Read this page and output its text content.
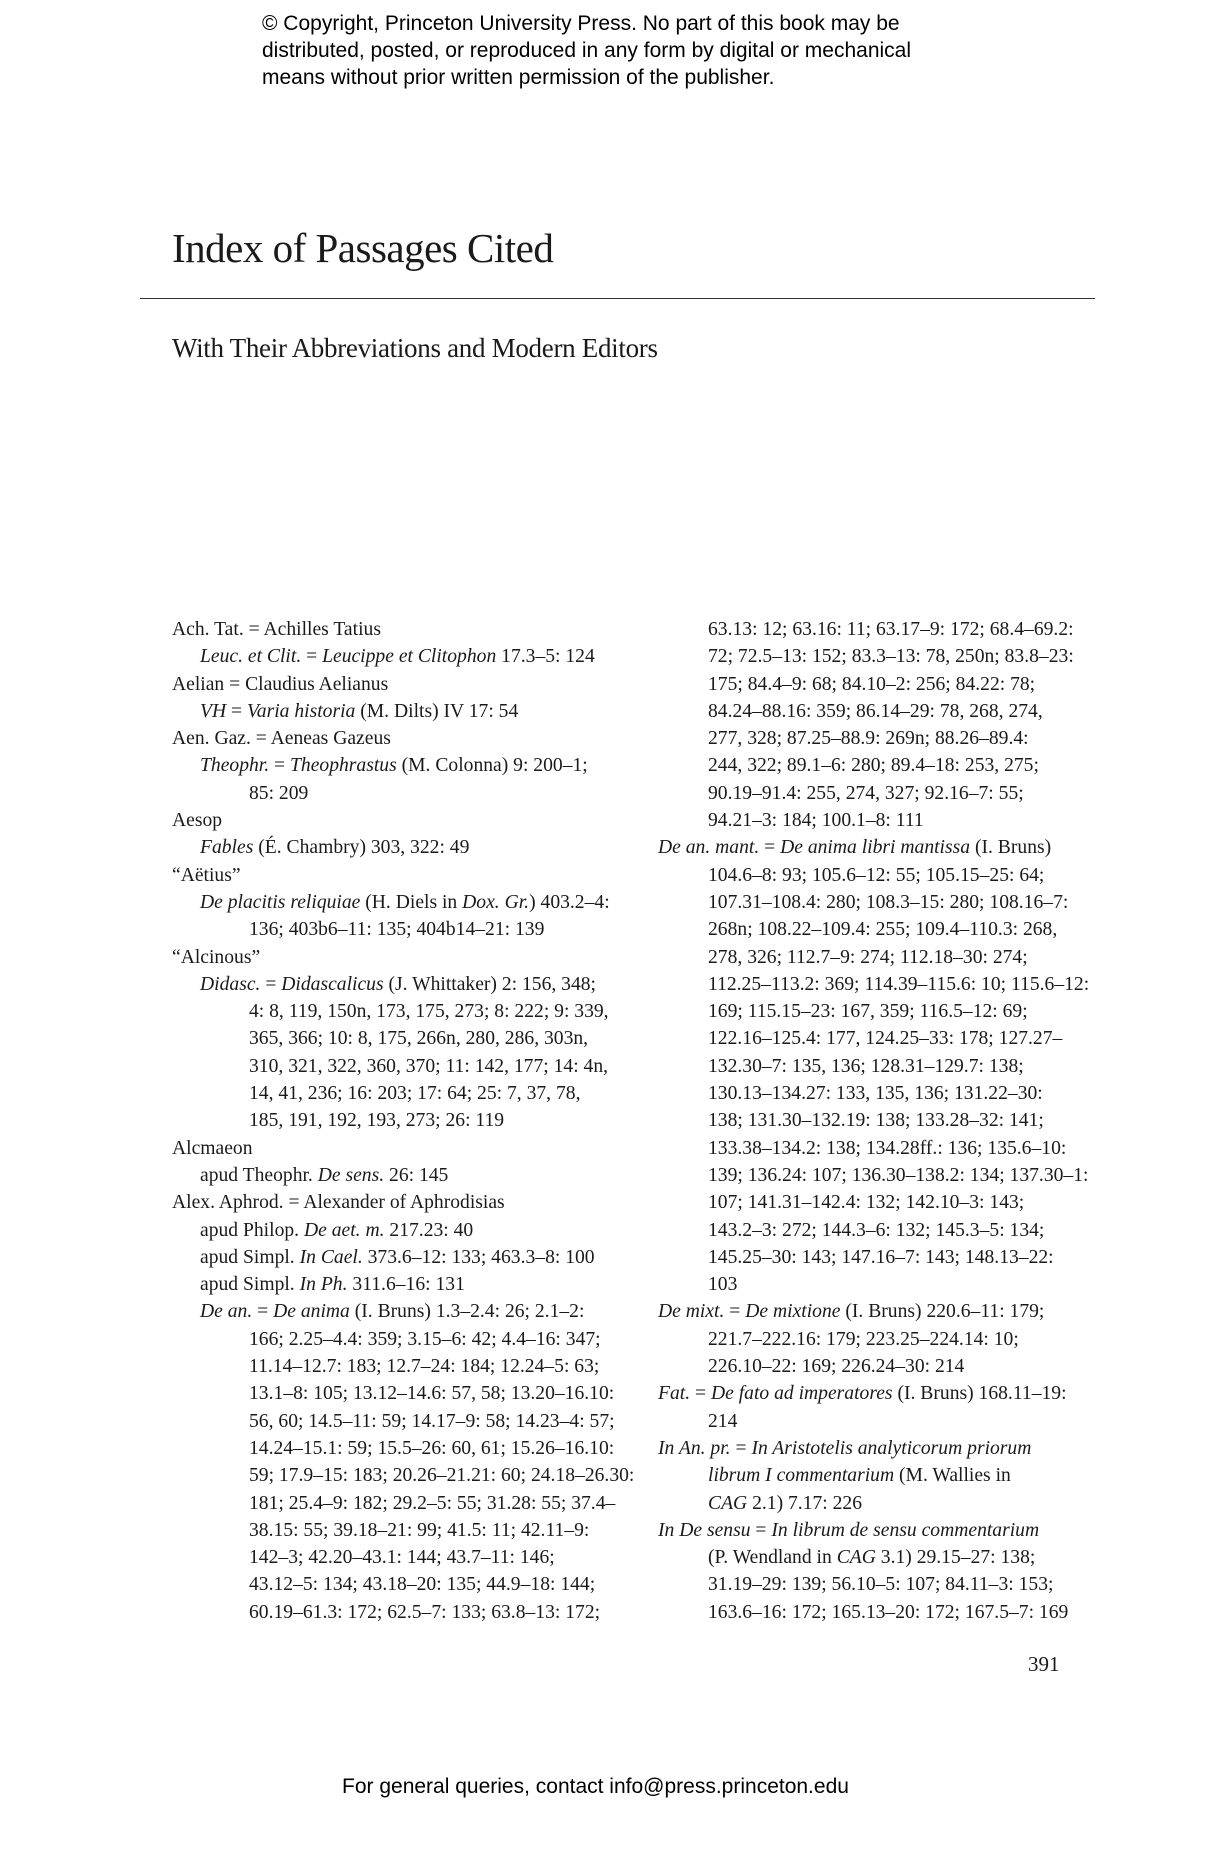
© Copyright, Princeton University Press. No part of this book may be
distributed, posted, or reproduced in any form by digital or mechanical
means without prior written permission of the publisher.
Index of Passages Cited
With Their Abbreviations and Modern Editors
Ach. Tat. = Achilles Tatius
Leuc. et Clit. = Leucippe et Clitophon 17.3–5: 124
Aelian = Claudius Aelianus
VH = Varia historia (M. Dilts) IV 17: 54
Aen. Gaz. = Aeneas Gazeus
Theophr. = Theophrastus (M. Colonna) 9: 200–1;
85: 209
Aesop
Fables (É. Chambry) 303, 322: 49
“Aëtius”
De placitis reliquiae (H. Diels in Dox. Gr.) 403.2–4:
136; 403b6–11: 135; 404b14–21: 139
“Alcinous”
Didasc. = Didascalicus (J. Whittaker) 2: 156, 348;
4: 8, 119, 150n, 173, 175, 273; 8: 222; 9: 339,
365, 366; 10: 8, 175, 266n, 280, 286, 303n,
310, 321, 322, 360, 370; 11: 142, 177; 14: 4n,
14, 41, 236; 16: 203; 17: 64; 25: 7, 37, 78,
185, 191, 192, 193, 273; 26: 119
Alcmaeon
apud Theophr. De sens. 26: 145
Alex. Aphrod. = Alexander of Aphrodisias
apud Philop. De aet. m. 217.23: 40
apud Simpl. In Cael. 373.6–12: 133; 463.3–8: 100
apud Simpl. In Ph. 311.6–16: 131
De an. = De anima (I. Bruns) 1.3–2.4: 26; 2.1–2:
166; 2.25–4.4: 359; 3.15–6: 42; 4.4–16: 347;
11.14–12.7: 183; 12.7–24: 184; 12.24–5: 63;
13.1–8: 105; 13.12–14.6: 57, 58; 13.20–16.10:
56, 60; 14.5–11: 59; 14.17–9: 58; 14.23–4: 57;
14.24–15.1: 59; 15.5–26: 60, 61; 15.26–16.10:
59; 17.9–15: 183; 20.26–21.21: 60; 24.18–26.30:
181; 25.4–9: 182; 29.2–5: 55; 31.28: 55; 37.4–
38.15: 55; 39.18–21: 99; 41.5: 11; 42.11–9:
142–3; 42.20–43.1: 144; 43.7–11: 146;
43.12–5: 134; 43.18–20: 135; 44.9–18: 144;
60.19–61.3: 172; 62.5–7: 133; 63.8–13: 172;
63.13: 12; 63.16: 11; 63.17–9: 172; 68.4–69.2:
72; 72.5–13: 152; 83.3–13: 78, 250n; 83.8–23:
175; 84.4–9: 68; 84.10–2: 256; 84.22: 78;
84.24–88.16: 359; 86.14–29: 78, 268, 274,
277, 328; 87.25–88.9: 269n; 88.26–89.4:
244, 322; 89.1–6: 280; 89.4–18: 253, 275;
90.19–91.4: 255, 274, 327; 92.16–7: 55;
94.21–3: 184; 100.1–8: 111
De an. mant. = De anima libri mantissa (I. Bruns)
104.6–8: 93; 105.6–12: 55; 105.15–25: 64;
107.31–108.4: 280; 108.3–15: 280; 108.16–7:
268n; 108.22–109.4: 255; 109.4–110.3: 268,
278, 326; 112.7–9: 274; 112.18–30: 274;
112.25–113.2: 369; 114.39–115.6: 10; 115.6–12:
169; 115.15–23: 167, 359; 116.5–12: 69;
122.16–125.4: 177, 124.25–33: 178; 127.27–
132.30–7: 135, 136; 128.31–129.7: 138;
130.13–134.27: 133, 135, 136; 131.22–30:
138; 131.30–132.19: 138; 133.28–32: 141;
133.38–134.2: 138; 134.28ff.: 136; 135.6–10:
139; 136.24: 107; 136.30–138.2: 134; 137.30–1:
107; 141.31–142.4: 132; 142.10–3: 143;
143.2–3: 272; 144.3–6: 132; 145.3–5: 134;
145.25–30: 143; 147.16–7: 143; 148.13–22:
103
De mixt. = De mixtione (I. Bruns) 220.6–11: 179;
221.7–222.16: 179; 223.25–224.14: 10;
226.10–22: 169; 226.24–30: 214
Fat. = De fato ad imperatores (I. Bruns) 168.11–19:
214
In An. pr. = In Aristotelis analyticorum priorum
librum I commentarium (M. Wallies in
CAG 2.1) 7.17: 226
In De sensu = In librum de sensu commentarium
(P. Wendland in CAG 3.1) 29.15–27: 138;
31.19–29: 139; 56.10–5: 107; 84.11–3: 153;
163.6–16: 172; 165.13–20: 172; 167.5–7: 169
391
For general queries, contact info@press.princeton.edu
